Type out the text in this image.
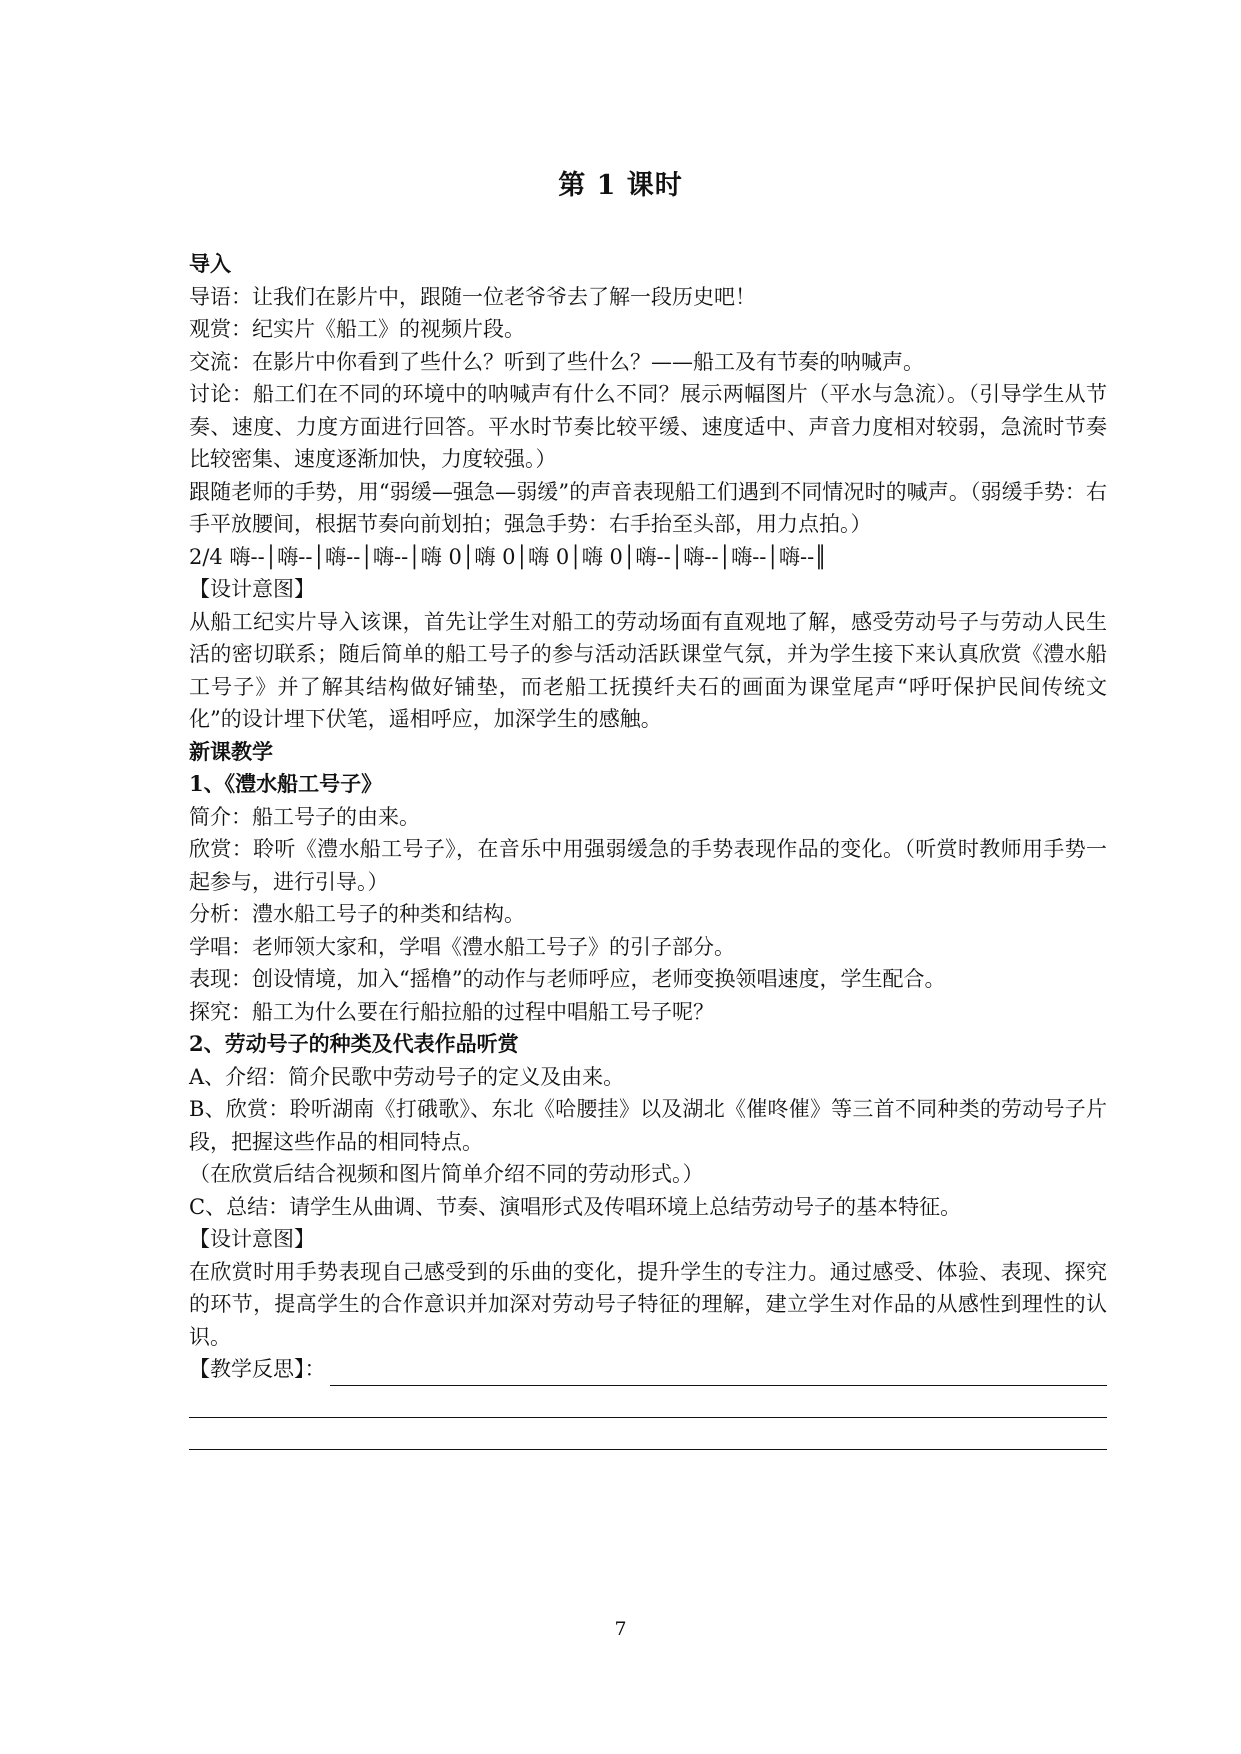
第 1 课时

导入

导语：让我们在影片中，跟随一位老爷爷去了解一段历史吧！

观赏：纪实片《船工》的视频片段。

交流：在影片中你看到了些什么？听到了些什么？——船工及有节奏的呐喊声。

讨论：船工们在不同的环境中的呐喊声有什么不同？展示两幅图片（平水与急流）。（引导学生从节奏、速度、力度方面进行回答。平水时节奏比较平缓、速度适中、声音力度相对较弱，急流时节奏比较密集、速度逐渐加快，力度较强。）

跟随老师的手势，用“弱缓—强急—弱缓”的声音表现船工们遇到不同情况时的喊声。（弱缓手势：右手平放腰间，根据节奏向前划拍；强急手势：右手抬至头部，用力点拍。）

2/4 嗨--│嗨--│嗨--│嗨--│嗨 0│嗨 0│嗨 0│嗨 0│嗨--│嗨--│嗨--│嗨--║

【设计意图】

从船工纪实片导入该课，首先让学生对船工的劳动场面有直观地了解，感受劳动号子与劳动人民生活的密切联系；随后简单的船工号子的参与活动活跃课堂气氛，并为学生接下来认真欣赏《澧水船工号子》并了解其结构做好铺垫，而老船工抚摸纤夫石的画面为课堂尾声“呼吁保护民间传统文化”的设计埋下伏笔，遥相呼应，加深学生的感触。

新课教学

1、《澧水船工号子》

简介：船工号子的由来。

欣赏：聆听《澧水船工号子》，在音乐中用强弱缓急的手势表现作品的变化。（听赏时教师用手势一起参与，进行引导。）

分析：澧水船工号子的种类和结构。

学唱：老师领大家和，学唱《澧水船工号子》的引子部分。

表现：创设情境，加入“摇橹”的动作与老师呼应，老师变换领唱速度，学生配合。

探究：船工为什么要在行船拉船的过程中唱船工号子呢？

2、劳动号子的种类及代表作品听赏

A、介绍：简介民歌中劳动号子的定义及由来。

B、欣赏：聆听湖南《打硪歌》、东北《哈腰挂》以及湖北《催咚催》等三首不同种类的劳动号子片段，把握这些作品的相同特点。

（在欣赏后结合视频和图片简单介绍不同的劳动形式。）

C、总结：请学生从曲调、节奏、演唱形式及传唱环境上总结劳动号子的基本特征。

【设计意图】

在欣赏时用手势表现自己感受到的乐曲的变化，提升学生的专注力。通过感受、体验、表现、探究的环节，提高学生的合作意识并加深对劳动号子特征的理解，建立学生对作品的从感性到理性的认识。

【教学反思】：
7
